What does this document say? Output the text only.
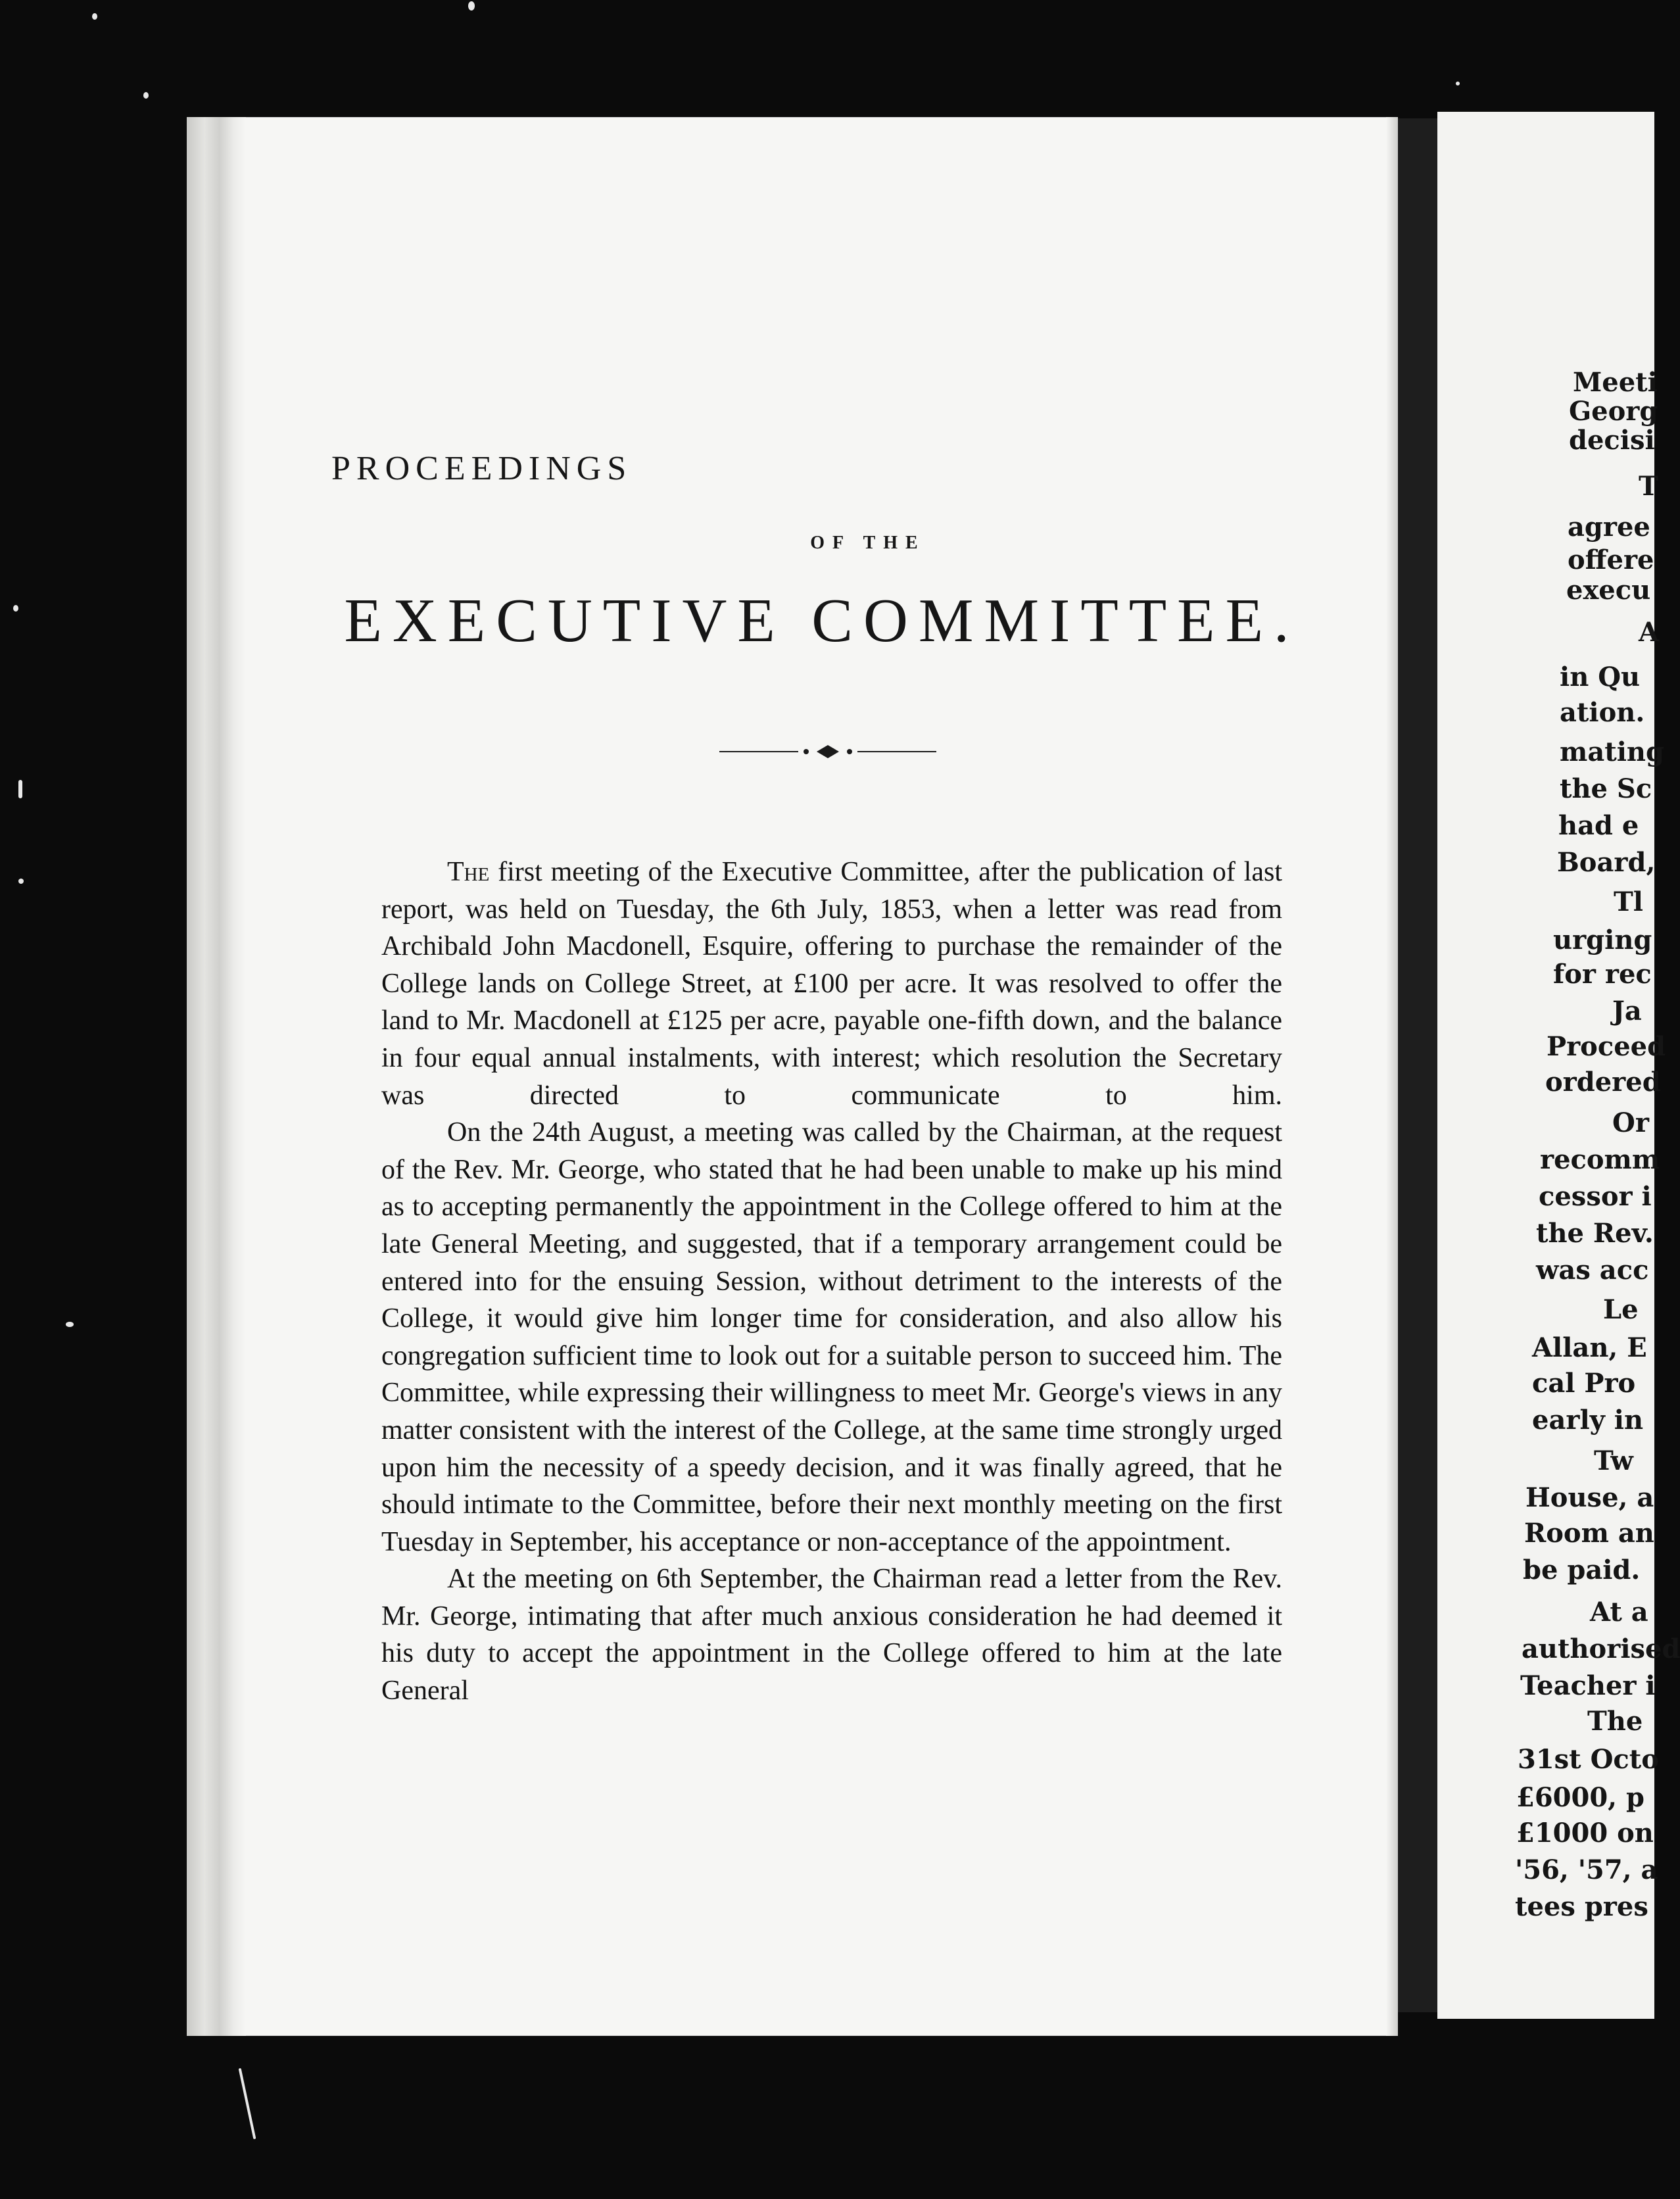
Meeti
Georg
decisi
T
agree
offere
execu
A
in Qu
ation.
mating
the Sc
had e
Board,
Tl
urging
for rec
Ja
Proceed
ordered
Or
recomm
cessor i
the Rev.
was acc
Le
Allan, E
cal Pro
early in
Tw
House, a
Room an
be paid.
At a
authorised
Teacher i
The
31st Octo
£6000, p
£1000 on
'56, '57, a
tees pres
PROCEEDINGS
OF THE
EXECUTIVE COMMITTEE.

The first meeting of the Executive Committee, after the publication of last report, was held on Tuesday, the 6th July, 1853, when a letter was read from Archibald John Macdonell, Esquire, offering to purchase the remainder of the College lands on College Street, at £100 per acre. It was resolved to offer the land to Mr. Macdonell at £125 per acre, payable one-fifth down, and the balance in four equal annual instalments, with interest; which resolution the Secretary was directed to communicate to him.

On the 24th August, a meeting was called by the Chairman, at the request of the Rev. Mr. George, who stated that he had been unable to make up his mind as to accepting permanently the appointment in the College offered to him at the late General Meeting, and suggested, that if a temporary arrangement could be entered into for the ensuing Session, without detriment to the interests of the College, it would give him longer time for consideration, and also allow his congregation sufficient time to look out for a suitable person to succeed him. The Committee, while expressing their willingness to meet Mr. George's views in any matter consistent with the interest of the College, at the same time strongly urged upon him the necessity of a speedy decision, and it was finally agreed, that he should intimate to the Committee, before their next monthly meeting on the first Tuesday in September, his acceptance or non-acceptance of the appointment.

At the meeting on 6th September, the Chairman read a letter from the Rev. Mr. George, intimating that after much anxious consideration he had deemed it his duty to accept the appointment in the College offered to him at the late General
